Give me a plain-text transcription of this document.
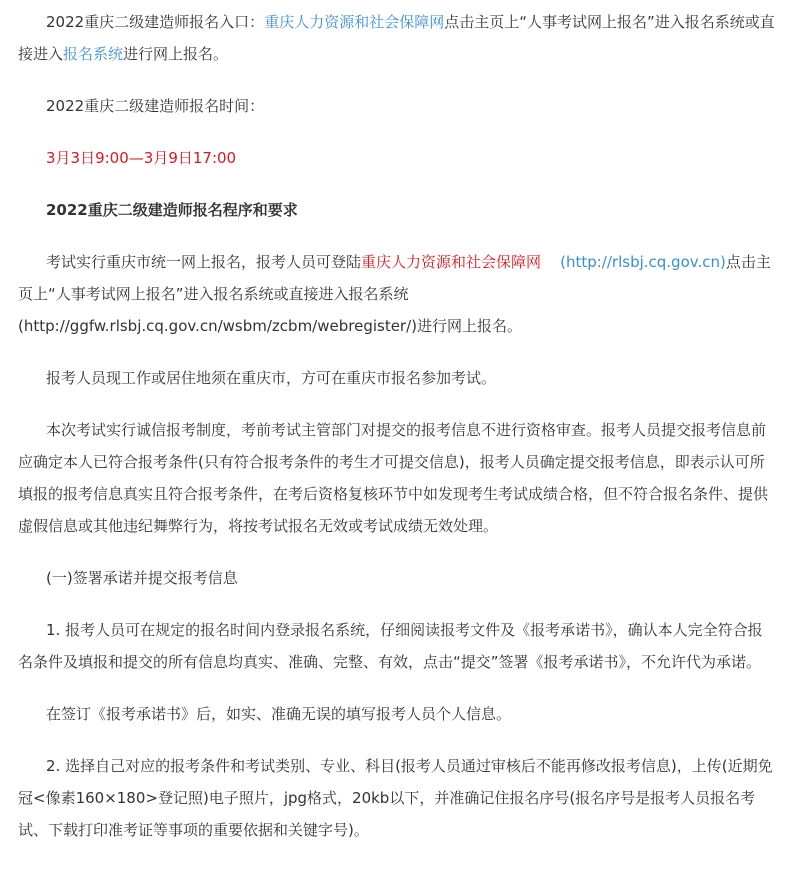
2022重庆二级建造师报名入口：重庆人力资源和社会保障网点击主页上“人事考试网上报名”进入报名系统或直接进入报名系统进行网上报名。

2022重庆二级建造师报名时间：

3月3日9:00—3月9日17:00

2022重庆二级建造师报名程序和要求

考试实行重庆市统一网上报名，报考人员可登陆重庆人力资源和社会保障网 (http://rlsbj.cq.gov.cn)点击主页上“人事考试网上报名”进入报名系统或直接进入报名系统(http://ggfw.rlsbj.cq.gov.cn/wsbm/zcbm/webregister/)进行网上报名。

报考人员现工作或居住地须在重庆市，方可在重庆市报名参加考试。

本次考试实行诚信报考制度，考前考试主管部门对提交的报考信息不进行资格审查。报考人员提交报考信息前应确定本人已符合报考条件(只有符合报考条件的考生才可提交信息)，报考人员确定提交报考信息，即表示认可所填报的报考信息真实且符合报考条件，在考后资格复核环节中如发现考生考试成绩合格，但不符合报名条件、提供虚假信息或其他违纪舞弊行为，将按考试报名无效或考试成绩无效处理。

(一)签署承诺并提交报考信息

1. 报考人员可在规定的报名时间内登录报名系统，仔细阅读报考文件及《报考承诺书》，确认本人完全符合报名条件及填报和提交的所有信息均真实、准确、完整、有效，点击“提交”签署《报考承诺书》，不允许代为承诺。

在签订《报考承诺书》后，如实、准确无误的填写报考人员个人信息。

2. 选择自己对应的报考条件和考试类别、专业、科目(报考人员通过审核后不能再修改报考信息)，上传(近期免冠<像素160×180>登记照)电子照片，jpg格式，20kb以下，并准确记住报名序号(报名序号是报考人员报名考试、下载打印准考证等事项的重要依据和关键字号)。
